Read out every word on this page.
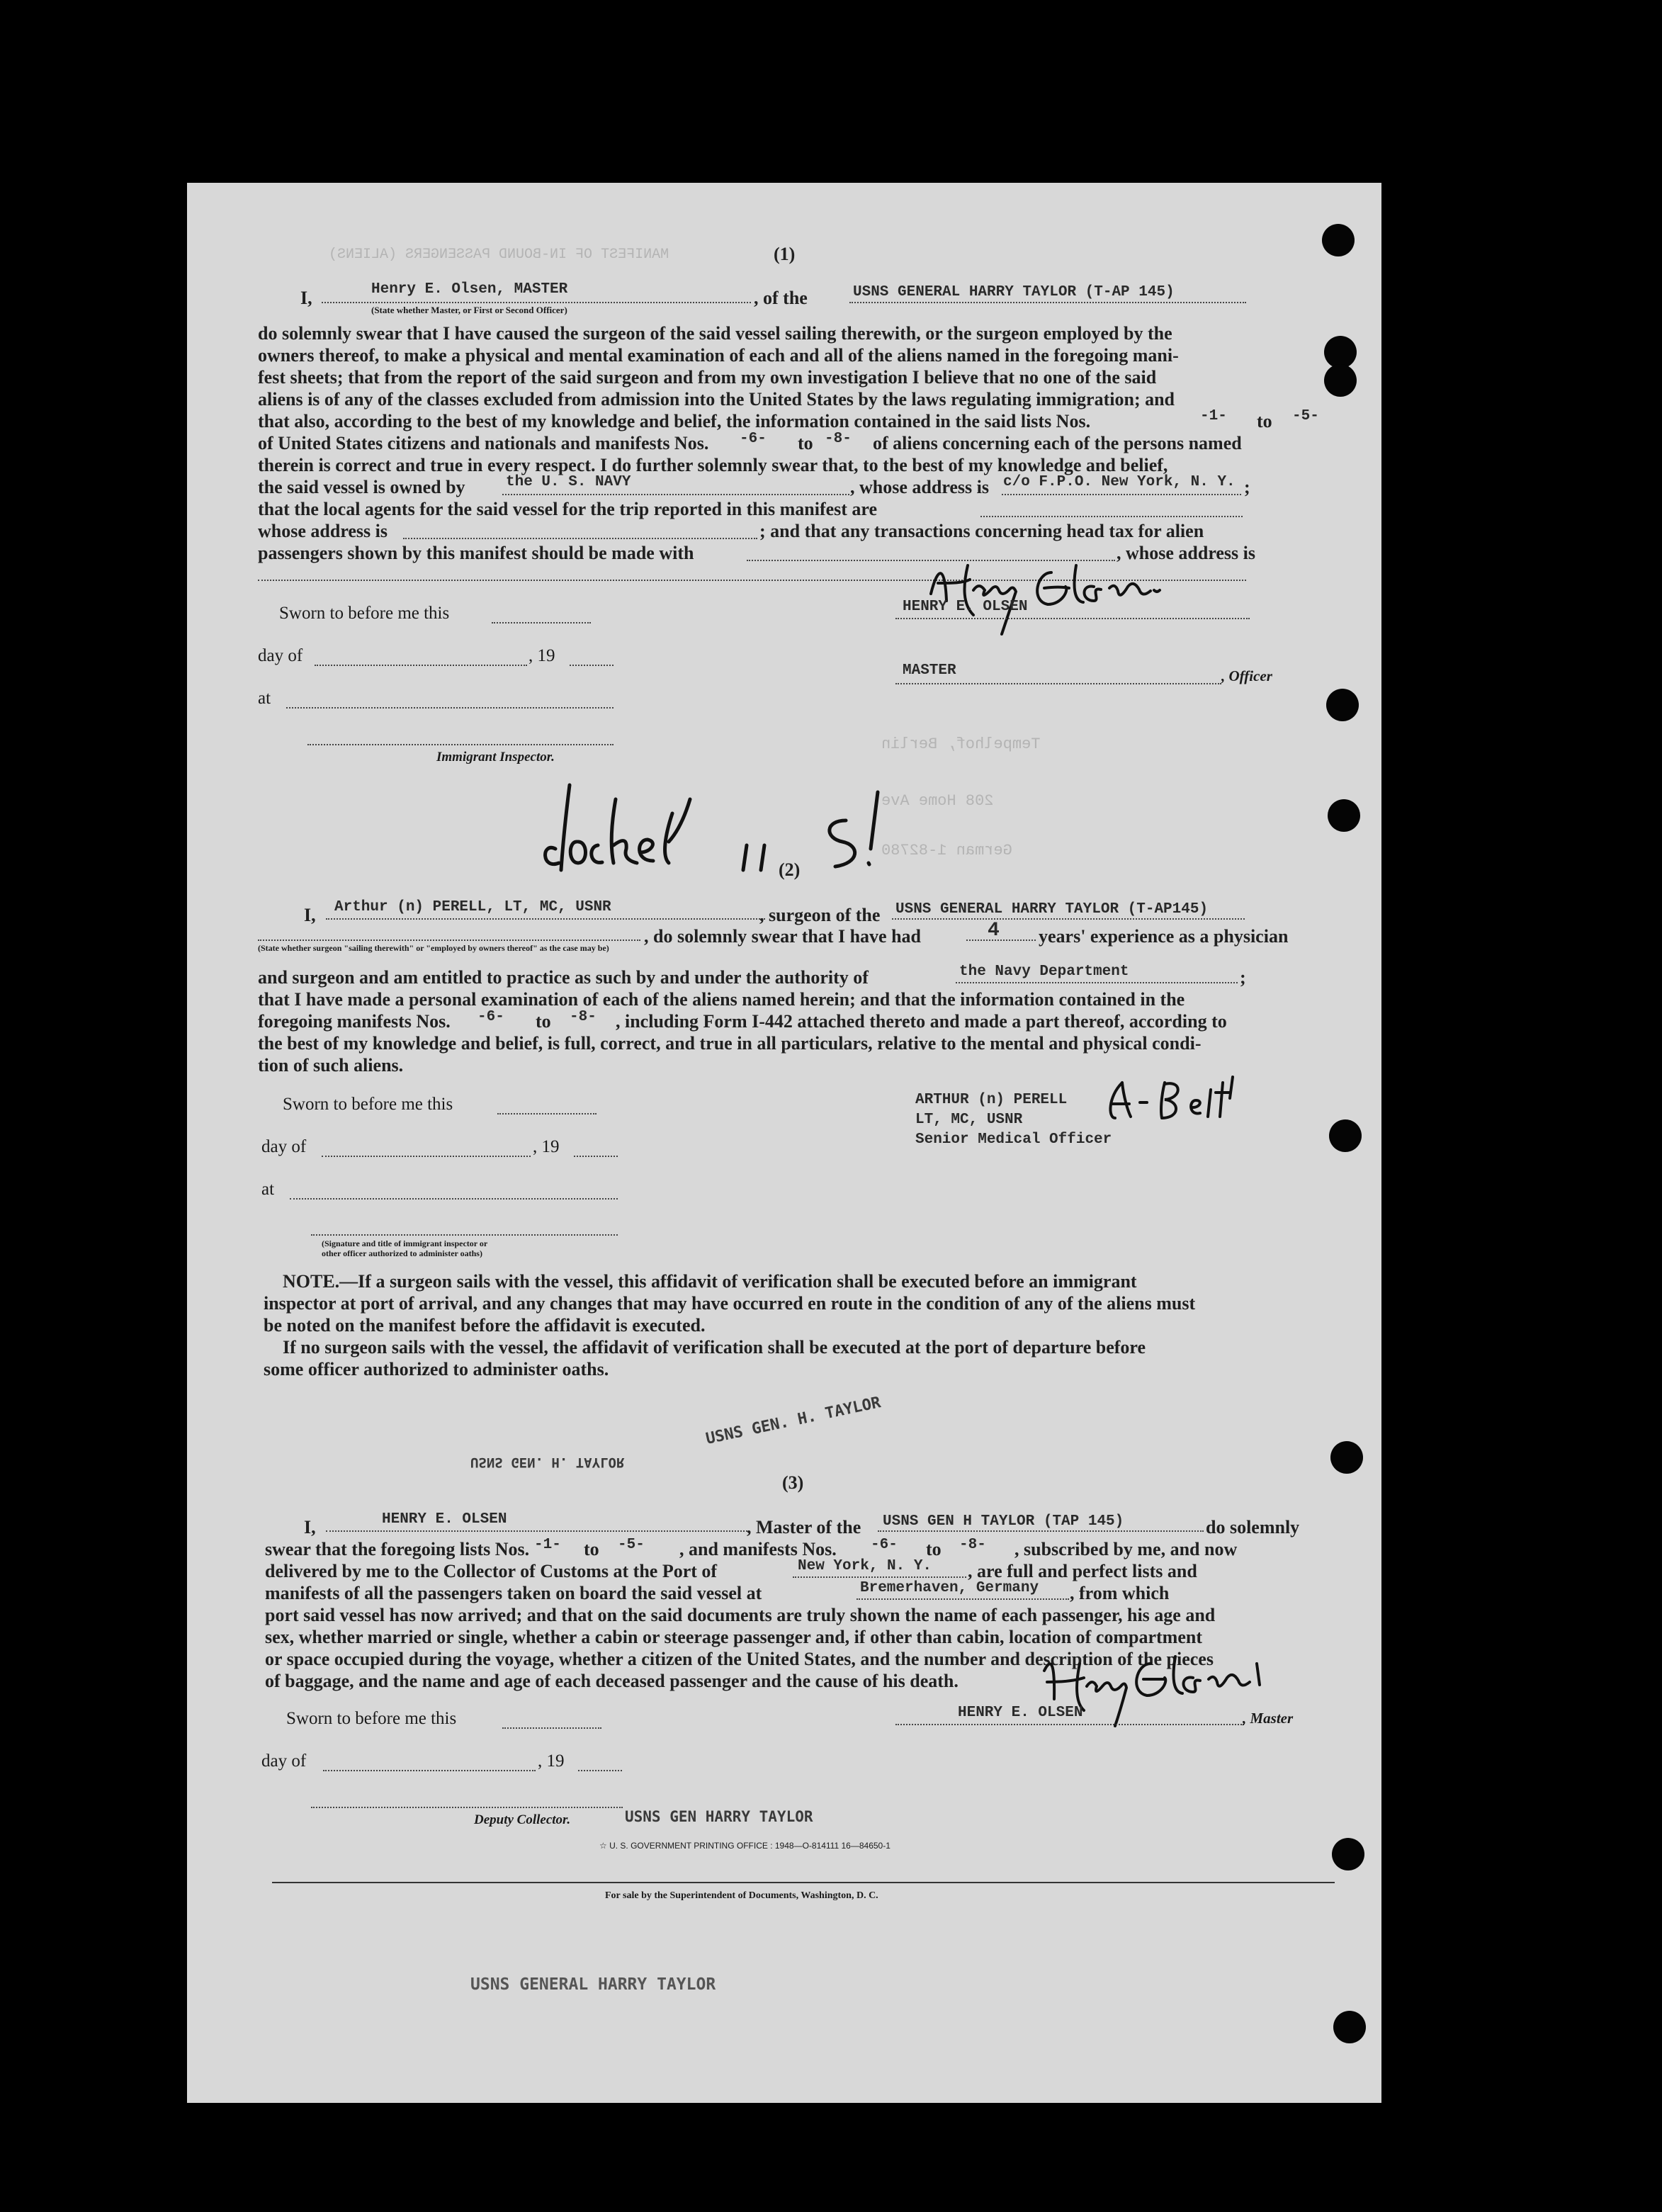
MANIFEST OF IN-BOUND PASSENGERS (ALIENS)
Tempelhof, Berlin
208 Home Ave
German 1-82780
(1)
I,	Henry E. Olsen, MASTER	, of the	USNS GENERAL HARRY TAYLOR (T-AP 145)
(State whether Master, or First or Second Officer)
do solemnly swear that I have caused the surgeon of the said vessel sailing therewith, or the surgeon employed by the
owners thereof, to make a physical and mental examination of each and all of the aliens named in the foregoing mani-
fest sheets; that from the report of the said surgeon and from my own investigation I believe that no one of the said
aliens is of any of the classes excluded from admission into the United States by the laws regulating immigration; and
that also, according to the best of my knowledge and belief, the information contained in the said lists Nos.	-1- to -5-
of United States citizens and nationals and manifests Nos. -6- to -8- of aliens concerning each of the persons named
therein is correct and true in every respect. I do further solemnly swear that, to the best of my knowledge and belief,
the said vessel is owned by	the U. S. NAVY	, whose address is c/o F.P.O. New York, N. Y. ;
that the local agents for the said vessel for the trip reported in this manifest are
whose address is	; and that any transactions concerning head tax for alien
passengers shown by this manifest should be made with	, whose address is
Sworn to before me this	HENRY E. OLSEN
day of	, 19
MASTER	, Officer
at
Immigrant Inspector.
(2)
I, Arthur (n) PERELL, LT, MC, USNR	, surgeon of the USNS GENERAL HARRY TAYLOR (T-AP145)
, do solemnly swear that I have had	4 years' experience as a physician
(State whether surgeon "sailing therewith" or "employed by owners thereof" as the case may be)
and surgeon and am entitled to practice as such by and under the authority of	the Navy Department	;
that I have made a personal examination of each of the aliens named herein; and that the information contained in the
foregoing manifests Nos. -6- to -8- , including Form I-442 attached thereto and made a part thereof, according to
the best of my knowledge and belief, is full, correct, and true in all particulars, relative to the mental and physical condi-
tion of such aliens.
Sworn to before me this
day of	, 19
at
(Signature and title of immigrant inspector or
other officer authorized to administer oaths)
ARTHUR (n) PERELL
LT, MC, USNR
Senior Medical Officer
NOTE.—If a surgeon sails with the vessel, this affidavit of verification shall be executed before an immigrant
inspector at port of arrival, and any changes that may have occurred en route in the condition of any of the aliens must
be noted on the manifest before the affidavit is executed.
If no surgeon sails with the vessel, the affidavit of verification shall be executed at the port of departure before
some officer authorized to administer oaths.
USNS GEN. H. TAYLOR
USNS GEN. H. TAYLOR
(3)
I,	HENRY E. OLSEN	, Master of the USNS GEN H TAYLOR (TAP 145)	do solemnly
swear that the foregoing lists Nos. -1- to -5- , and manifests Nos. -6- to -8- , subscribed by me, and now
delivered by me to the Collector of Customs at the Port of	New York, N. Y. , are full and perfect lists and
manifests of all the passengers taken on board the said vessel at	Bremerhaven, Germany , from which
port said vessel has now arrived; and that on the said documents are truly shown the name of each passenger, his age and
sex, whether married or single, whether a cabin or steerage passenger and, if other than cabin, location of compartment
or space occupied during the voyage, whether a citizen of the United States, and the number and description of the pieces
of baggage, and the name and age of each deceased passenger and the cause of his death.
Sworn to before me this	HENRY E. OLSEN	, Master
day of	, 19
Deputy Collector.	USNS GEN HARRY TAYLOR
☆ U. S. GOVERNMENT PRINTING OFFICE : 1948—O-814111 16—84650-1
For sale by the Superintendent of Documents, Washington, D. C.
USNS GENERAL HARRY TAYLOR
